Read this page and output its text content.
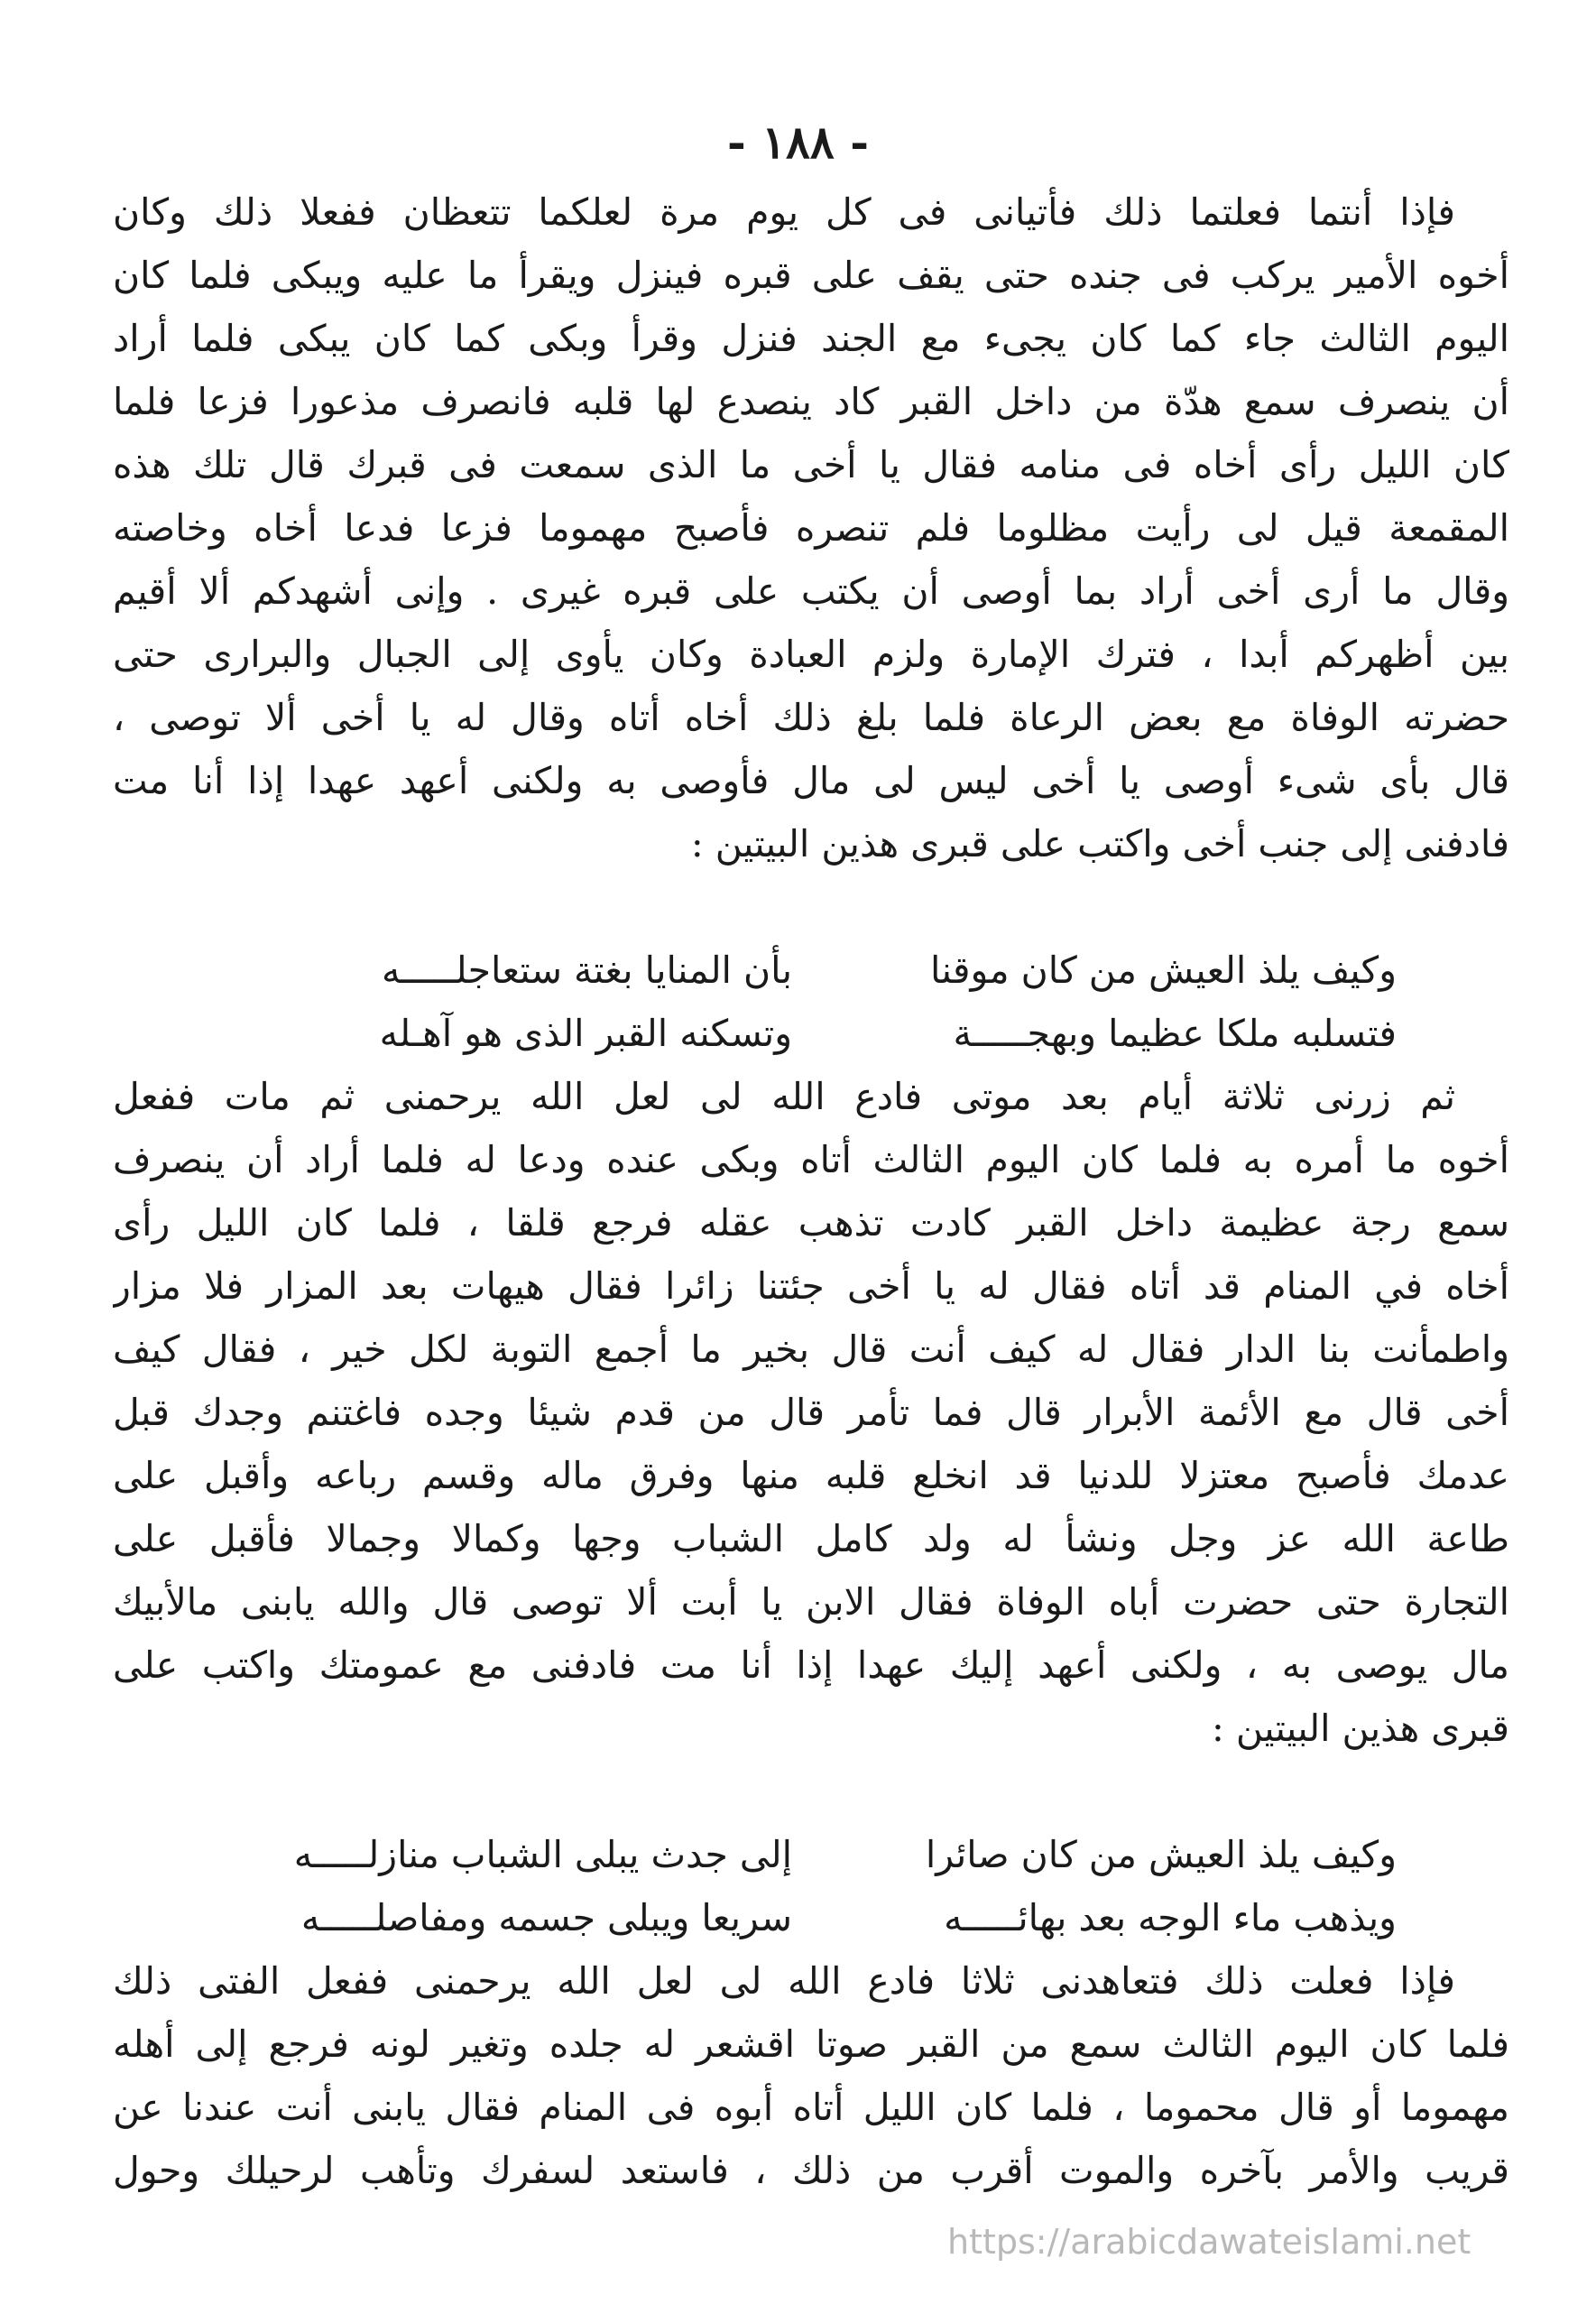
- ١٨٨ -
فإذا أنتما فعلتما ذلك فأتيانى فى كل يوم مرة لعلكما تتعظان ففعلا ذلك وكان
أخوه الأمير يركب فى جنده حتى يقف على قبره فينزل ويقرأ ما عليه ويبكى فلما كان
اليوم الثالث جاء كما كان يجىء مع الجند فنزل وقرأ وبكى كما كان يبكى فلما أراد
أن ينصرف سمع هدّة من داخل القبر كاد ينصدع لها قلبه فانصرف مذعورا فزعا فلما
كان الليل رأى أخاه فى منامه فقال يا أخى ما الذى سمعت فى قبرك قال تلك هذه
المقمعة قيل لى رأيت مظلوما فلم تنصره فأصبح مهموما فزعا فدعا أخاه وخاصته
وقال ما أرى أخى أراد بما أوصى أن يكتب على قبره غيرى . وإنى أشهدكم ألا أقيم
بين أظهركم أبدا ، فترك الإمارة ولزم العبادة وكان يأوى إلى الجبال والبرارى حتى
حضرته الوفاة مع بعض الرعاة فلما بلغ ذلك أخاه أتاه وقال له يا أخى ألا توصى ،
قال بأى شىء أوصى يا أخى ليس لى مال فأوصى به ولكنى أعهد عهدا إذا أنا مت
فادفنى إلى جنب أخى واكتب على قبرى هذين البيتين :
وكيف يلذ العيش من كان موقنا
بأن المنايا بغتة ستعاجلـــــه
فتسلبه ملكا عظيما وبهجـــــة
وتسكنه القبر الذى هو آهـله
ثم زرنى ثلاثة أيام بعد موتى فادع الله لى لعل الله يرحمنى ثم مات ففعل
أخوه ما أمره به فلما كان اليوم الثالث أتاه وبكى عنده ودعا له فلما أراد أن ينصرف
سمع رجة عظيمة داخل القبر كادت تذهب عقله فرجع قلقا ، فلما كان الليل رأى
أخاه في المنام قد أتاه فقال له يا أخى جئتنا زائرا فقال هيهات بعد المزار فلا مزار
واطمأنت بنا الدار فقال له كيف أنت قال بخير ما أجمع التوبة لكل خير ، فقال كيف
أخى قال مع الأئمة الأبرار قال فما تأمر قال من قدم شيئا وجده فاغتنم وجدك قبل
عدمك فأصبح معتزلا للدنيا قد انخلع قلبه منها وفرق ماله وقسم رباعه وأقبل على
طاعة الله عز وجل ونشأ له ولد كامل الشباب وجها وكمالا وجمالا فأقبل على
التجارة حتى حضرت أباه الوفاة فقال الابن يا أبت ألا توصى قال والله يابنى مالأبيك
مال يوصى به ، ولكنى أعهد إليك عهدا إذا أنا مت فادفنى مع عمومتك واكتب على
قبرى هذين البيتين :
وكيف يلذ العيش من كان صائرا
إلى جدث يبلى الشباب منازلـــــه
ويذهب ماء الوجه بعد بهائـــــه
سريعا ويبلى جسمه ومفاصلـــــه
فإذا فعلت ذلك فتعاهدنى ثلاثا فادع الله لى لعل الله يرحمنى ففعل الفتى ذلك
فلما كان اليوم الثالث سمع من القبر صوتا اقشعر له جلده وتغير لونه فرجع إلى أهله
مهموما أو قال محموما ، فلما كان الليل أتاه أبوه فى المنام فقال يابنى أنت عندنا عن
قريب والأمر بآخره والموت أقرب من ذلك ، فاستعد لسفرك وتأهب لرحيلك وحول
https://arabicdawateislami.net
